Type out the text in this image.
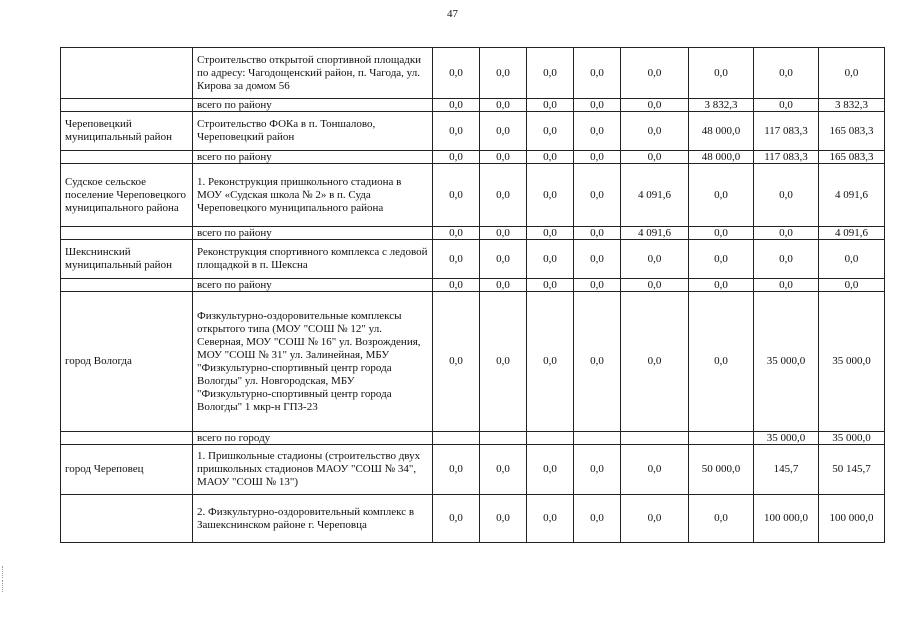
47
	Строительство открытой спортивной площадки по адресу: Чагодощенский район, п. Чагода, ул. Кирова за домом 56	0,0	0,0	0,0	0,0	0,0	0,0	0,0	0,0
	всего по району	0,0	0,0	0,0	0,0	0,0	3 832,3	0,0	3 832,3
Череповецкий муниципальный район	Строительство ФОКа в п. Тоншалово, Череповецкий район	0,0	0,0	0,0	0,0	0,0	48 000,0	117 083,3	165 083,3
	всего по району	0,0	0,0	0,0	0,0	0,0	48 000,0	117 083,3	165 083,3
Судское сельское поселение Череповецкого муниципального района	1. Реконструкция пришкольного стадиона в МОУ «Судская школа № 2» в п. Суда Череповецкого муниципального района	0,0	0,0	0,0	0,0	4 091,6	0,0	0,0	4 091,6
	всего по району	0,0	0,0	0,0	0,0	4 091,6	0,0	0,0	4 091,6
Шекснинский муниципальный район	Реконструкция спортивного комплекса с ледовой площадкой в п. Шексна	0,0	0,0	0,0	0,0	0,0	0,0	0,0	0,0
	всего по району	0,0	0,0	0,0	0,0	0,0	0,0	0,0	0,0
город Вологда	Физкультурно-оздоровительные комплексы открытого типа (МОУ "СОШ № 12" ул. Северная, МОУ "СОШ № 16" ул. Возрождения, МОУ "СОШ № 31" ул. Залинейная, МБУ "Физкультурно-спортивный центр города Вологды" ул. Новгородская, МБУ "Физкультурно-спортивный центр города Вологды" 1 мкр-н ГПЗ-23	0,0	0,0	0,0	0,0	0,0	0,0	35 000,0	35 000,0
	всего по городу							35 000,0	35 000,0
город Череповец	1. Пришкольные стадионы (строительство двух пришкольных стадионов МАОУ "СОШ № 34", МАОУ "СОШ № 13")	0,0	0,0	0,0	0,0	0,0	50 000,0	145,7	50 145,7
	2. Физкультурно-оздоровительный комплекс в Зашекснинском районе г. Череповца	0,0	0,0	0,0	0,0	0,0	0,0	100 000,0	100 000,0
